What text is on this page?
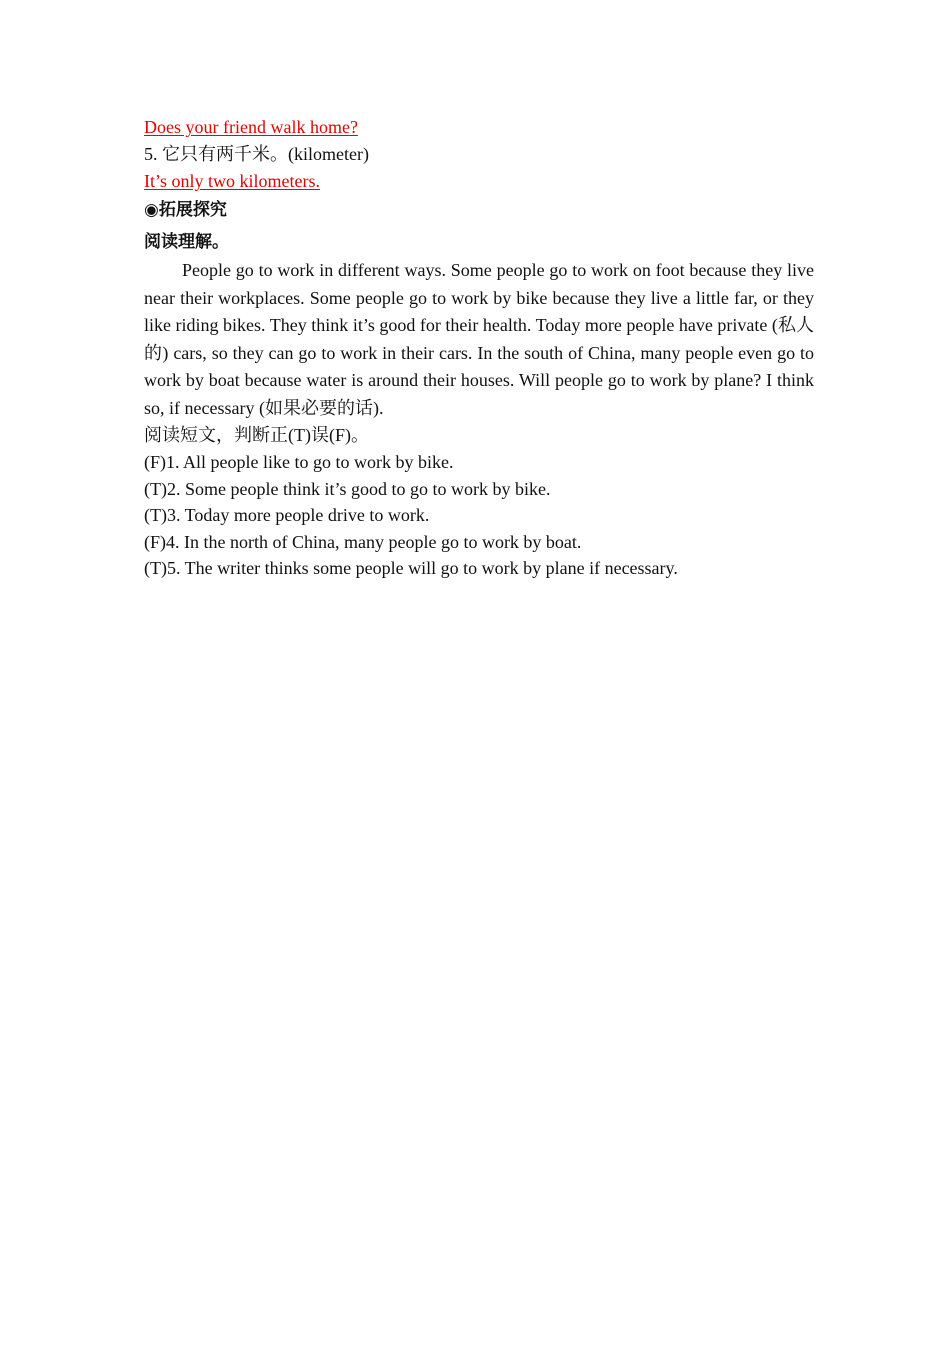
Does your friend walk home?
5. 它只有两千米。(kilometer)
It’s only two kilometers.
◉拓展探究
阅读理解。

People go to work in different ways. Some people go to work on foot because they live near their workplaces. Some people go to work by bike because they live a little far, or they like riding bikes. They think it’s good for their health. Today more people have private (私人的) cars, so they can go to work in their cars. In the south of China, many people even go to work by boat because water is around their houses. Will people go to work by plane? I think so, if necessary (如果必要的话).

阅读短文，判断正(T)误(F)。
(F)1. All people like to go to work by bike.
(T)2. Some people think it’s good to go to work by bike.
(T)3. Today more people drive to work.
(F)4. In the north of China, many people go to work by boat.
(T)5. The writer thinks some people will go to work by plane if necessary.
